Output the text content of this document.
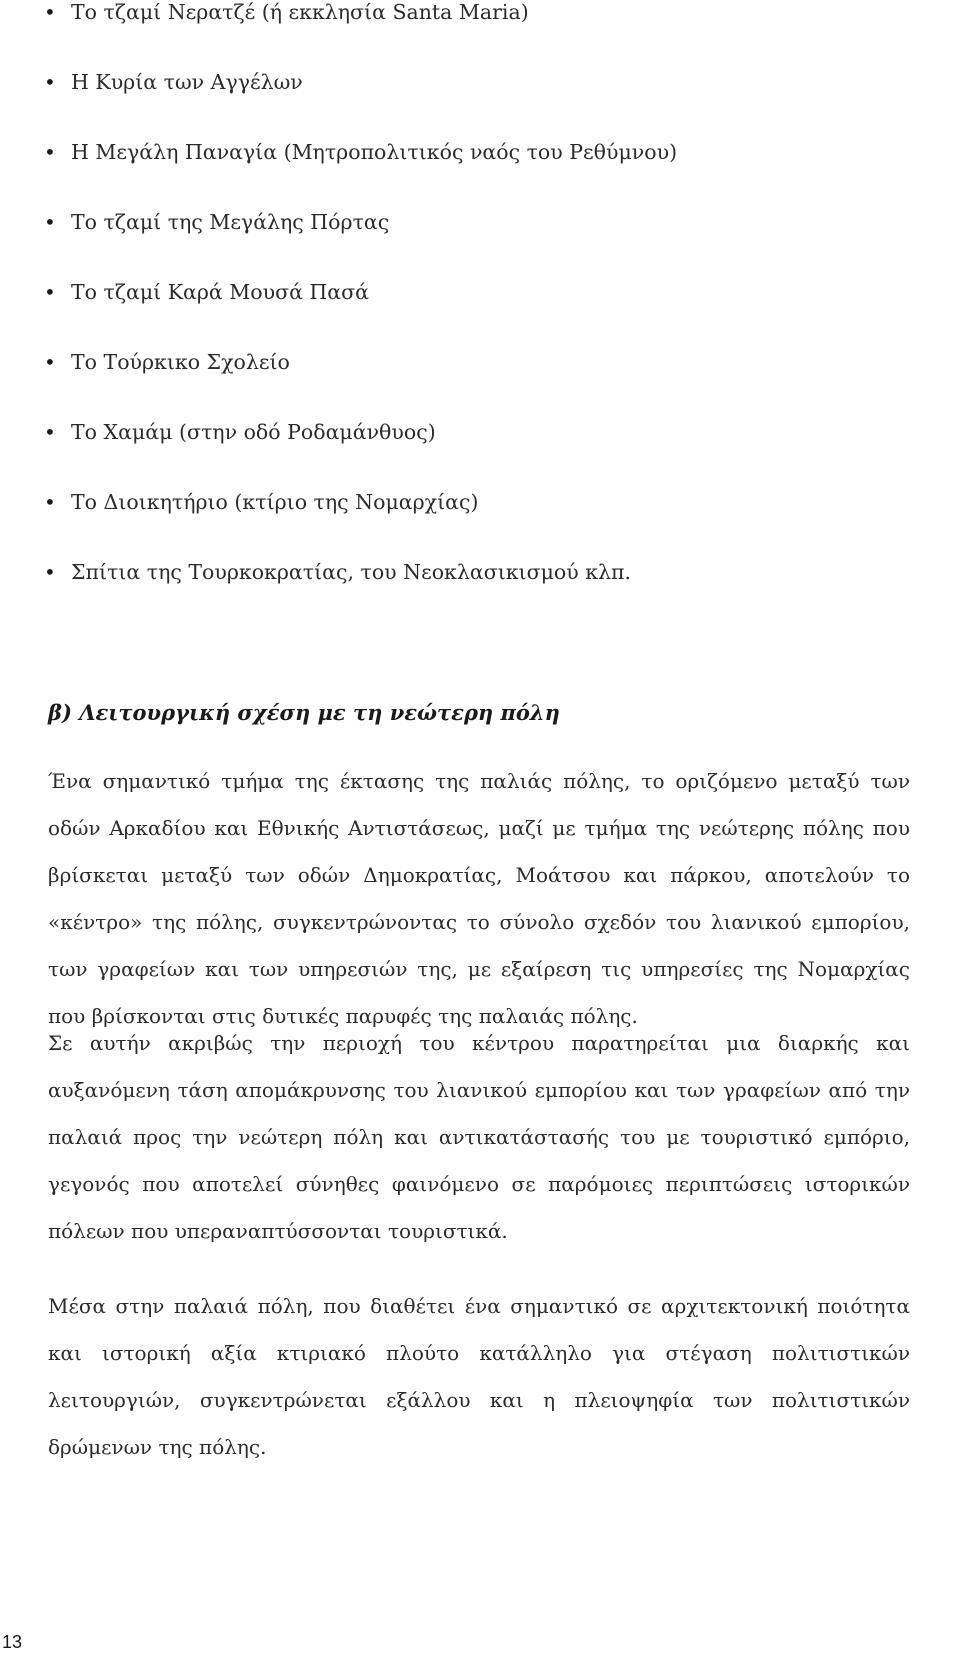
• Το τζαμί Νερατζέ (ή εκκλησία Santa Maria)
• Η Κυρία των Αγγέλων
• Η Μεγάλη Παναγία (Μητροπολιτικός ναός του Ρεθύμνου)
• Το τζαμί της Μεγάλης Πόρτας
• Το τζαμί Καρά Μουσά Πασά
• Το Τούρκικο Σχολείο
• Το Χαμάμ (στην οδό Ροδαμάνθυος)
• Το Διοικητήριο (κτίριο της Νομαρχίας)
• Σπίτια της Τουρκοκρατίας, του Νεοκλασικισμού κλπ.
β) Λειτουργική σχέση με τη νεώτερη πόλη

Ένα σημαντικό τμήμα της έκτασης της παλιάς πόλης, το οριζόμενο μεταξύ των οδών Αρκαδίου και Εθνικής Αντιστάσεως, μαζί με τμήμα της νεώτερης πόλης που βρίσκεται μεταξύ των οδών Δημοκρατίας, Μοάτσου και πάρκου, αποτελούν το «κέντρο» της πόλης, συγκεντρώνοντας το σύνολο σχεδόν του λιανικού εμπορίου, των γραφείων και των υπηρεσιών της, με εξαίρεση τις υπηρεσίες της Νομαρχίας που βρίσκονται στις δυτικές παρυφές της παλαιάς πόλης.

Σε αυτήν ακριβώς την περιοχή του κέντρου παρατηρείται μια διαρκής και αυξανόμενη τάση απομάκρυνσης του λιανικού εμπορίου και των γραφείων από την παλαιά προς την νεώτερη πόλη και αντικατάστασής του με τουριστικό εμπόριο, γεγονός που αποτελεί σύνηθες φαινόμενο σε παρόμοιες περιπτώσεις ιστορικών πόλεων που υπεραναπτύσσονται τουριστικά.

Μέσα στην παλαιά πόλη, που διαθέτει ένα σημαντικό σε αρχιτεκτονική ποιότητα και ιστορική αξία κτιριακό πλούτο κατάλληλο για στέγαση πολιτιστικών λειτουργιών, συγκεντρώνεται εξάλλου και η πλειοψηφία των πολιτιστικών δρώμενων της πόλης.

13
